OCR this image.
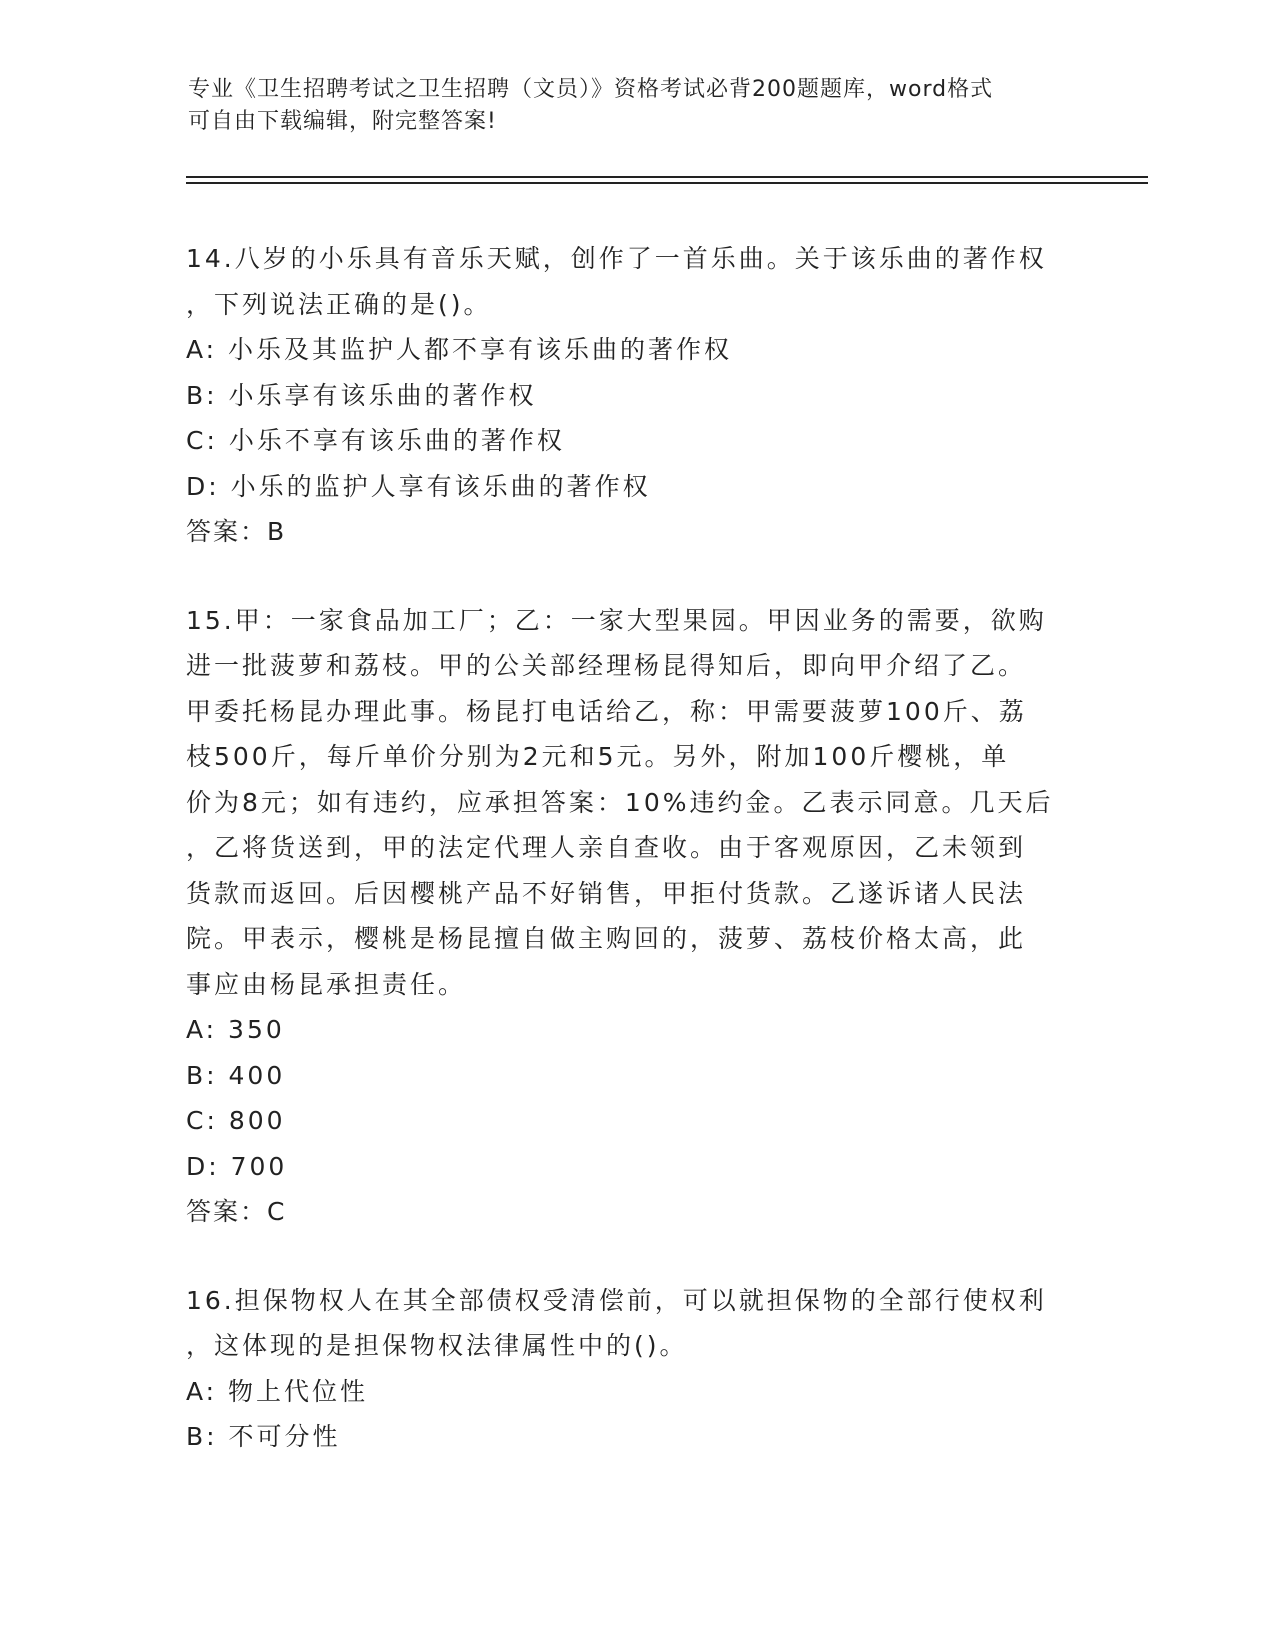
专业《卫生招聘考试之卫生招聘（文员）》资格考试必背200题题库，word格式
可自由下载编辑，附完整答案!
14.八岁的小乐具有音乐天赋，创作了一首乐曲。关于该乐曲的著作权
，下列说法正确的是()。
A: 小乐及其监护人都不享有该乐曲的著作权
B: 小乐享有该乐曲的著作权
C: 小乐不享有该乐曲的著作权
D: 小乐的监护人享有该乐曲的著作权
答案：B
15.甲：一家食品加工厂；乙：一家大型果园。甲因业务的需要，欲购
进一批菠萝和荔枝。甲的公关部经理杨昆得知后，即向甲介绍了乙。
甲委托杨昆办理此事。杨昆打电话给乙，称：甲需要菠萝100斤、荔
枝500斤，每斤单价分别为2元和5元。另外，附加100斤樱桃，单
价为8元；如有违约，应承担答案：10%违约金。乙表示同意。几天后
，乙将货送到，甲的法定代理人亲自查收。由于客观原因，乙未领到
货款而返回。后因樱桃产品不好销售，甲拒付货款。乙遂诉诸人民法
院。甲表示，樱桃是杨昆擅自做主购回的，菠萝、荔枝价格太高，此
事应由杨昆承担责任。
A: 350
B: 400
C: 800
D: 700
答案：C
16.担保物权人在其全部债权受清偿前，可以就担保物的全部行使权利
，这体现的是担保物权法律属性中的()。
A: 物上代位性
B: 不可分性
